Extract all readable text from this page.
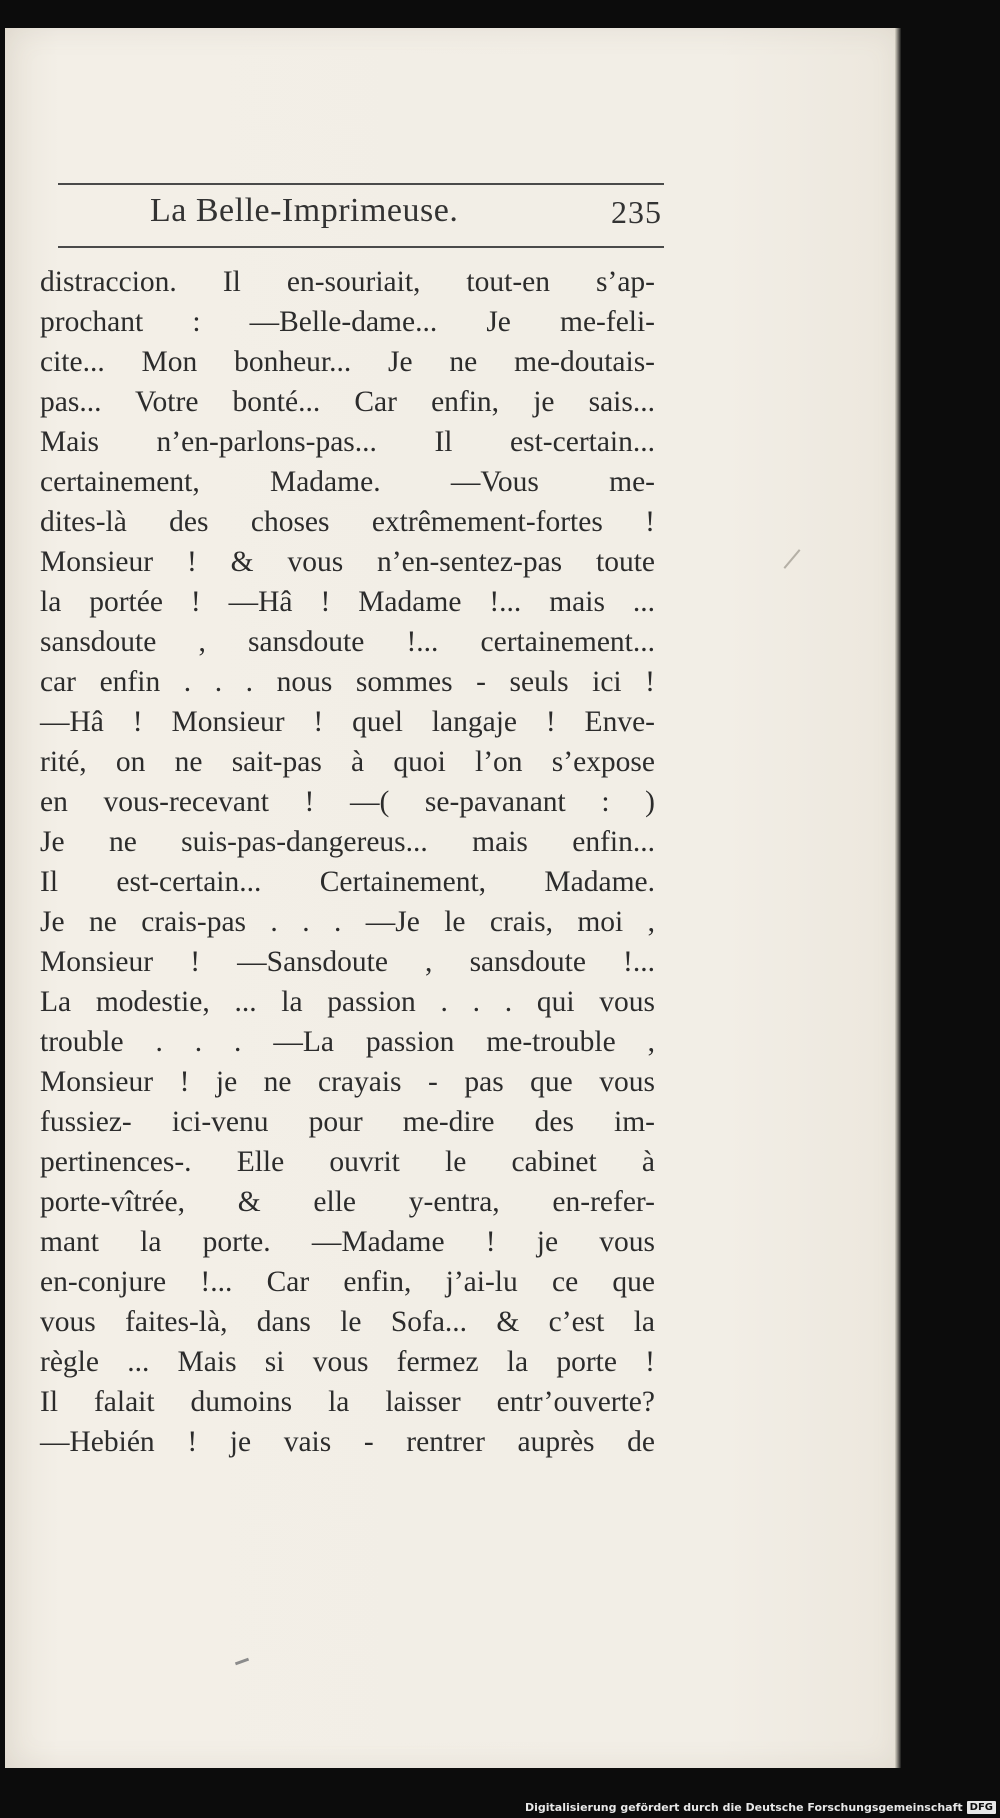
La Belle-Imprimeuse.	235
distraccion. Il en-souriait, tout-en s’ap-
prochant : —Belle-dame... Je me-feli-
cite... Mon bonheur... Je ne me-doutais-
pas... Votre bonté... Car enfin, je sais...
Mais n’en-parlons-pas... Il est-certain...
certainement, Madame. —Vous me-
dites-là des choses extrêmement-fortes !
Monsieur ! & vous n’en-sentez-pas toute
la portée ! —Hâ ! Madame !... mais ...
sansdoute , sansdoute !... certainement...
car enfin . . . nous sommes - seuls ici !
—Hâ ! Monsieur ! quel langaje ! Enve-
rité, on ne sait-pas à quoi l’on s’expose
en vous-recevant ! —( se-pavanant : )
Je ne suis-pas-dangereus... mais enfin...
Il est-certain... Certainement, Madame.
Je ne crais-pas . . . —Je le crais, moi ,
Monsieur ! —Sansdoute , sansdoute !...
La modestie, ... la passion . . . qui vous
trouble . . . —La passion me-trouble ,
Monsieur ! je ne crayais - pas que vous
fussiez- ici-venu pour me-dire des im-
pertinences-. Elle ouvrit le cabinet à
porte-vîtrée, & elle y-entra, en-refer-
mant la porte. —Madame ! je vous
en-conjure !... Car enfin, j’ai-lu ce que
vous faites-là, dans le Sofa... & c’est la
règle ... Mais si vous fermez la porte !
Il falait dumoins la laisser entr’ouverte?
—Hebién ! je vais - rentrer auprès de
Digitalisierung gefördert durch die Deutsche Forschungsgemeinschaft DFG
